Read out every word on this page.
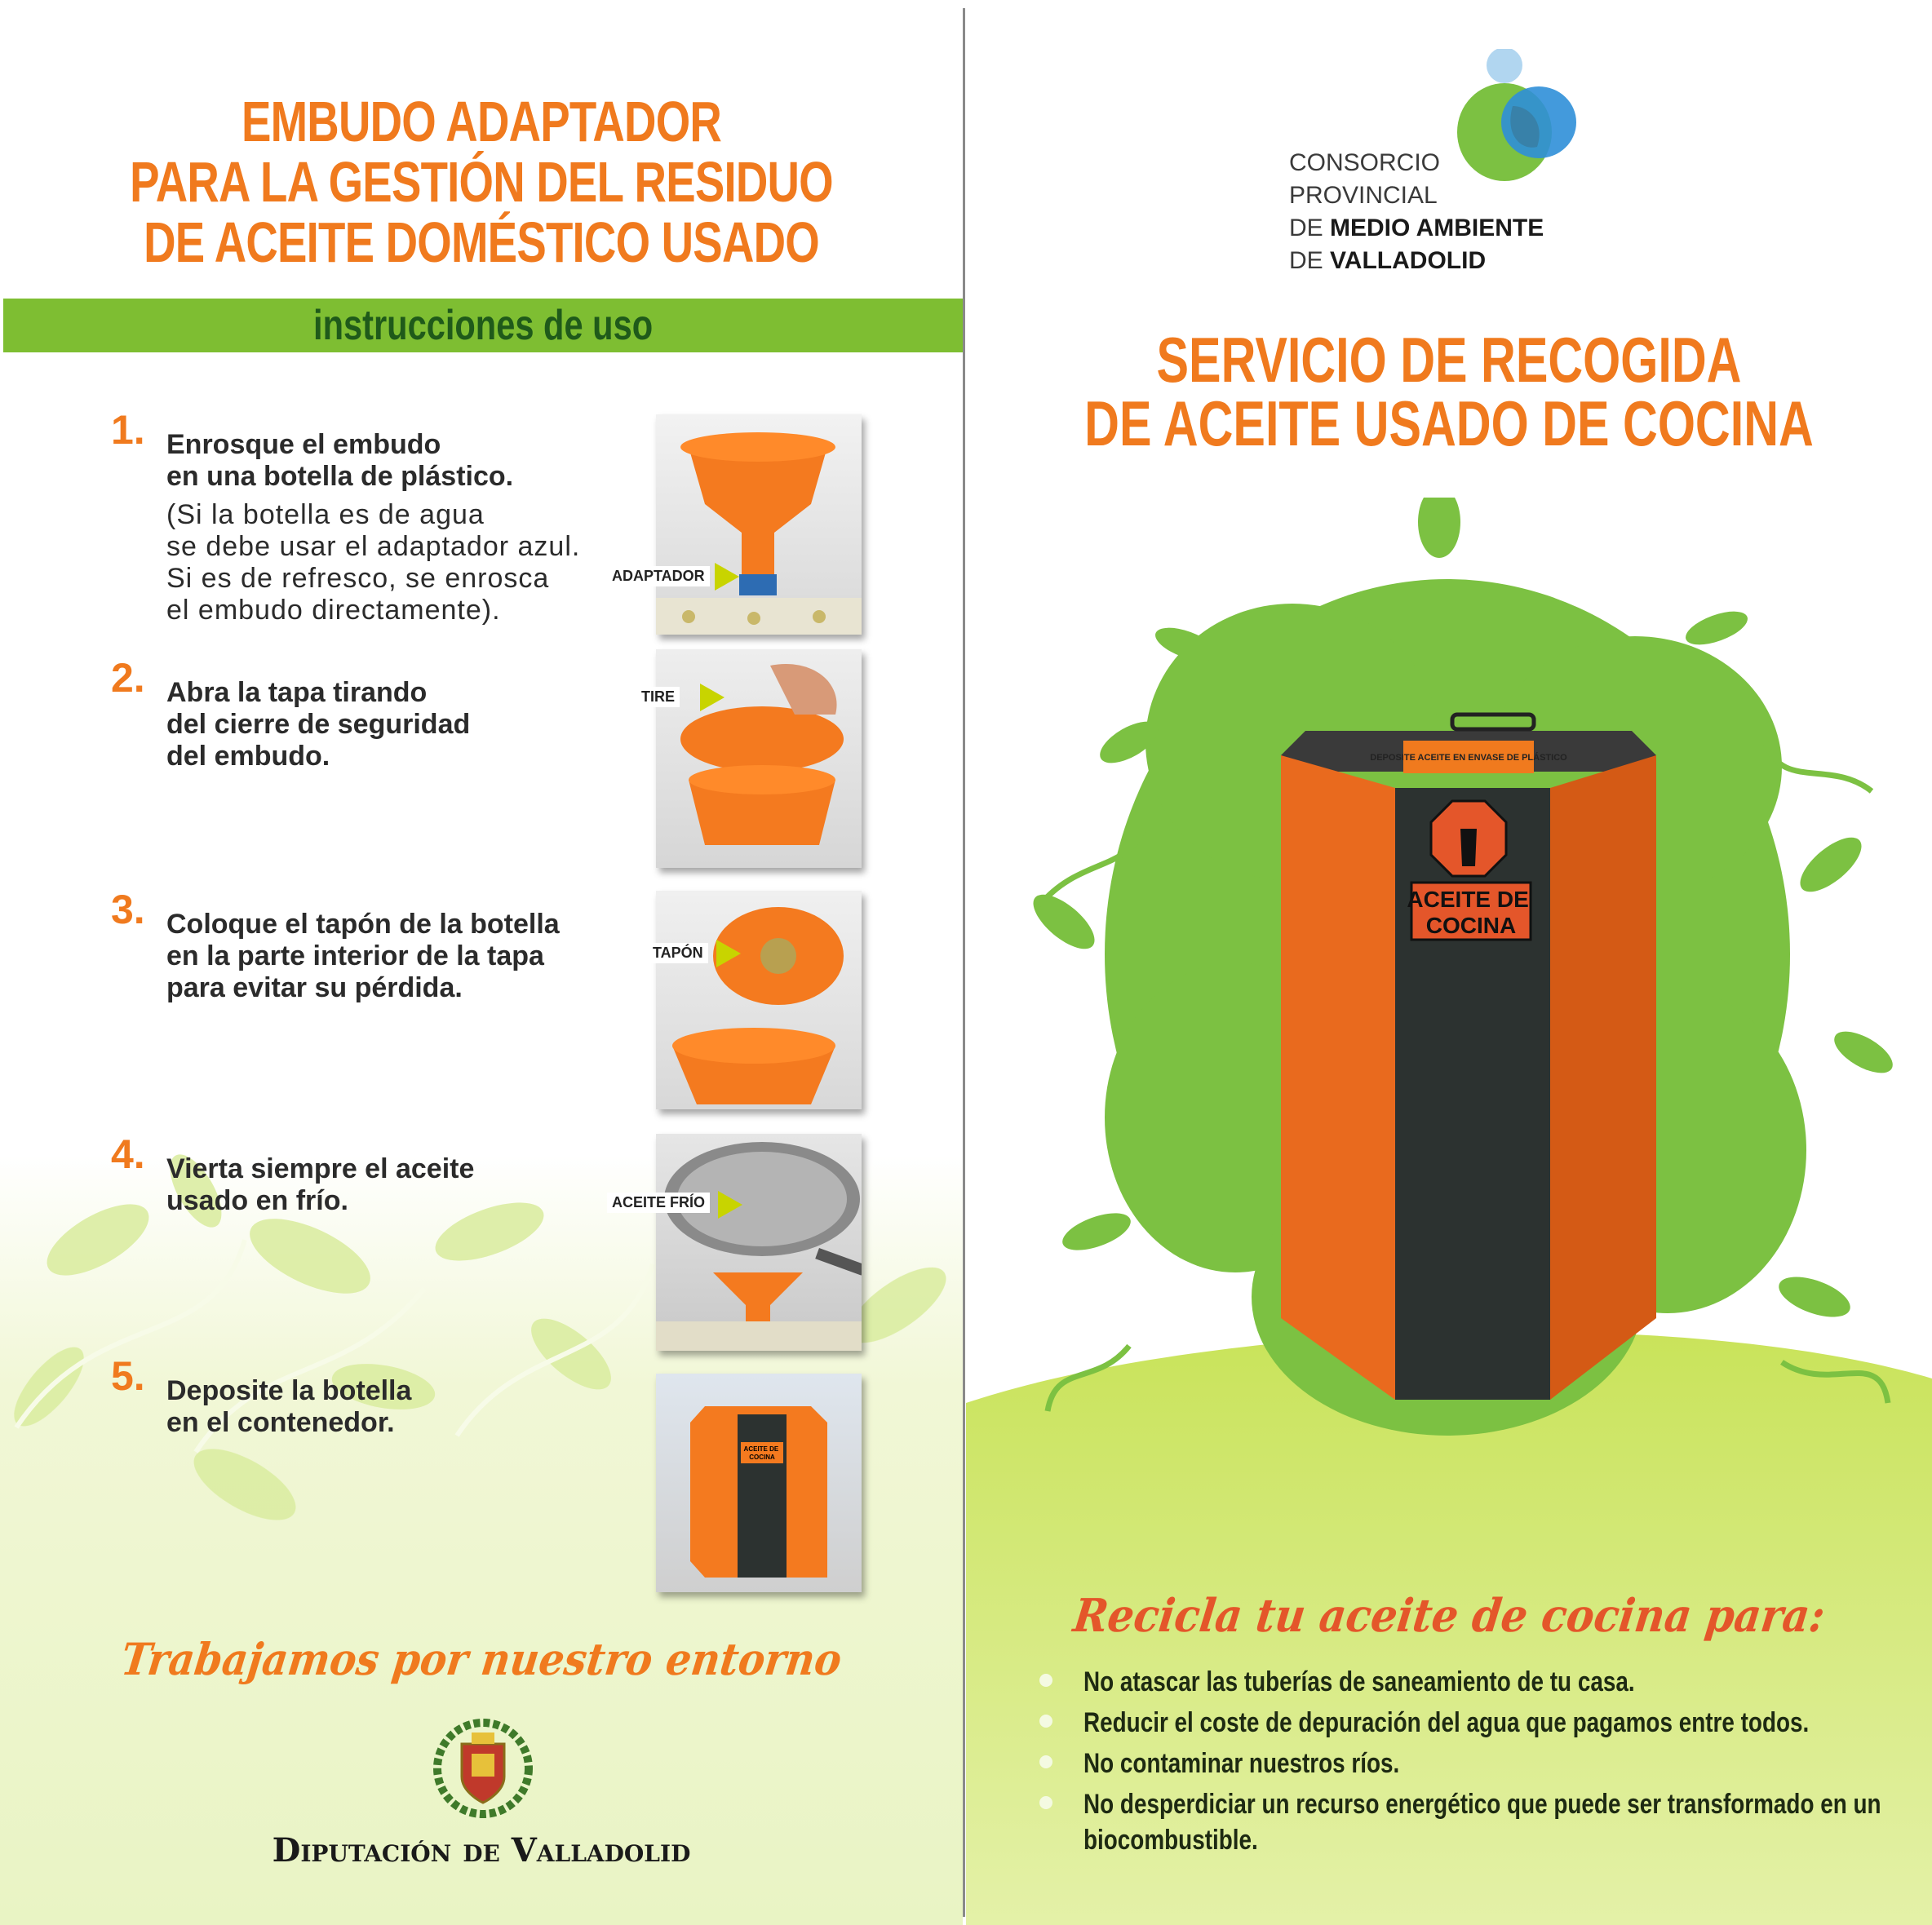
EMBUDO ADAPTADOR
PARA LA GESTIÓN DEL RESIDUO
DE ACEITE DOMÉSTICO USADO
instrucciones de uso
1. Enrosque el embudo
en una botella de plástico.
(Si la botella es de agua
se debe usar el adaptador azul.
Si es de refresco, se enrosca
el embudo directamente).
2. Abra la tapa tirando
del cierre de seguridad
del embudo.
3. Coloque el tapón de la botella
en la parte interior de la tapa
para evitar su pérdida.
4. Vierta siempre el aceite
usado en frío.
5. Deposite la botella
en el contenedor.
ADAPTADOR
TIRE
TAPÓN
ACEITE FRÍO
ACEITE DE COCINA
Trabajamos por nuestro entorno
Diputación de Valladolid
CONSORCIO
PROVINCIAL
DE MEDIO AMBIENTE
DE VALLADOLID
SERVICIO DE RECOGIDA
DE ACEITE USADO DE COCINA
DEPOSITE ACEITE EN ENVASE DE PLÁSTICO
ACEITE DE COCINA
Recicla tu aceite de cocina para:
No atascar las tuberías de saneamiento de tu casa.
Reducir el coste de depuración del agua que pagamos entre todos.
No contaminar nuestros ríos.
No desperdiciar un recurso energético que puede ser transformado en un biocombustible.
